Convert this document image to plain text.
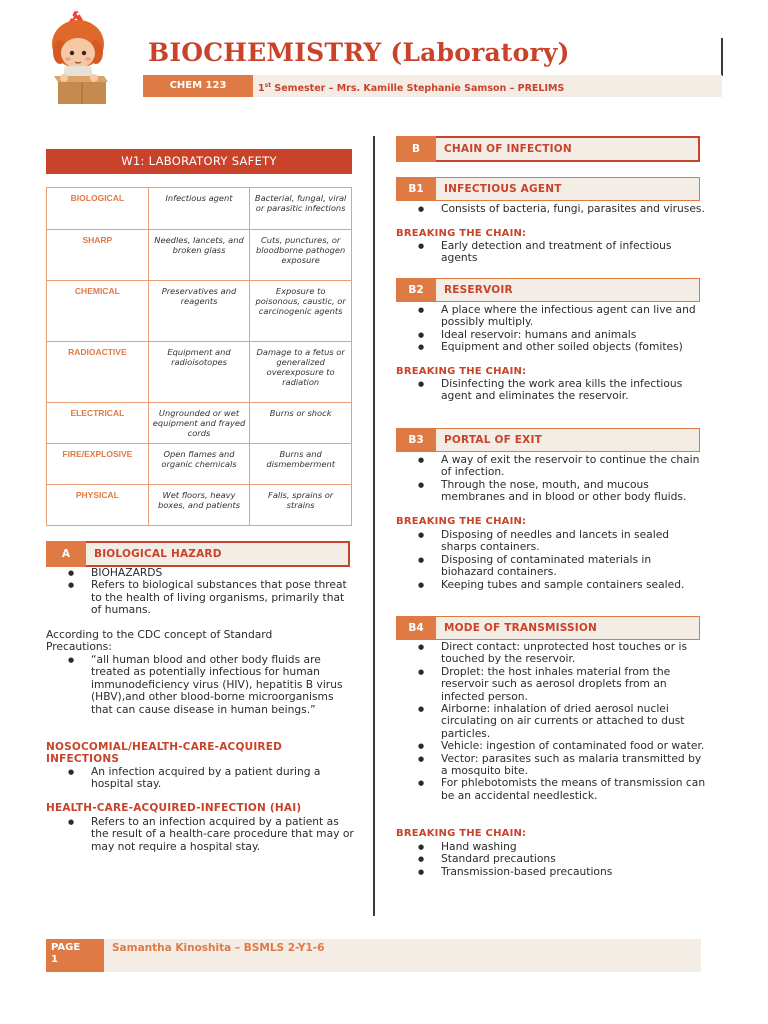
BIOCHEMISTRY (Laboratory)
CHEM 123	1st Semester – Mrs. Kamille Stephanie Samson – PRELIMS
W1: LABORATORY SAFETY
BIOLOGICAL	Infectious agent	Bacterial, fungal, viral or parasitic infections
SHARP	Needles, lancets, and broken glass	Cuts, punctures, or bloodborne pathogen exposure
CHEMICAL	Preservatives and reagents	Exposure to poisonous, caustic, or carcinogenic agents
RADIOACTIVE	Equipment and radioisotopes	Damage to a fetus or generalized overexposure to radiation
ELECTRICAL	Ungrounded or wet equipment and frayed cords	Burns or shock
FIRE/EXPLOSIVE	Open flames and organic chemicals	Burns and dismemberment
PHYSICAL	Wet floors, heavy boxes, and patients	Falls, sprains or strains
A	BIOLOGICAL HAZARD
● BIOHAZARDS
● Refers to biological substances that pose threat to the health of living organisms, primarily that of humans.
According to the CDC concept of Standard Precautions:
● “all human blood and other body fluids are treated as potentially infectious for human immunodeficiency virus (HIV), hepatitis B virus (HBV),and other blood-borne microorganisms that can cause disease in human beings.”
NOSOCOMIAL/HEALTH-CARE-ACQUIRED INFECTIONS
● An infection acquired by a patient during a hospital stay.
HEALTH-CARE-ACQUIRED-INFECTION (HAI)
● Refers to an infection acquired by a patient as the result of a health-care procedure that may or may not require a hospital stay.
B	CHAIN OF INFECTION
B1	INFECTIOUS AGENT
● Consists of bacteria, fungi, parasites and viruses.
BREAKING THE CHAIN:
● Early detection and treatment of infectious agents
B2	RESERVOIR
● A place where the infectious agent can live and possibly multiply.
● Ideal reservoir: humans and animals
● Equipment and other soiled objects (fomites)
BREAKING THE CHAIN:
● Disinfecting the work area kills the infectious agent and eliminates the reservoir.
B3	PORTAL OF EXIT
● A way of exit the reservoir to continue the chain of infection.
● Through the nose, mouth, and mucous membranes and in blood or other body fluids.
BREAKING THE CHAIN:
● Disposing of needles and lancets in sealed sharps containers.
● Disposing of contaminated materials in biohazard containers.
● Keeping tubes and sample containers sealed.
B4	MODE OF TRANSMISSION
● Direct contact: unprotected host touches or is touched by the reservoir.
● Droplet: the host inhales material from the reservoir such as aerosol droplets from an infected person.
● Airborne: inhalation of dried aerosol nuclei circulating on air currents or attached to dust particles.
● Vehicle: ingestion of contaminated food or water.
● Vector: parasites such as malaria transmitted by a mosquito bite.
● For phlebotomists the means of transmission can be an accidental needlestick.
BREAKING THE CHAIN:
● Hand washing
● Standard precautions
● Transmission-based precautions
PAGE
1
Samantha Kinoshita – BSMLS 2-Y1-6
